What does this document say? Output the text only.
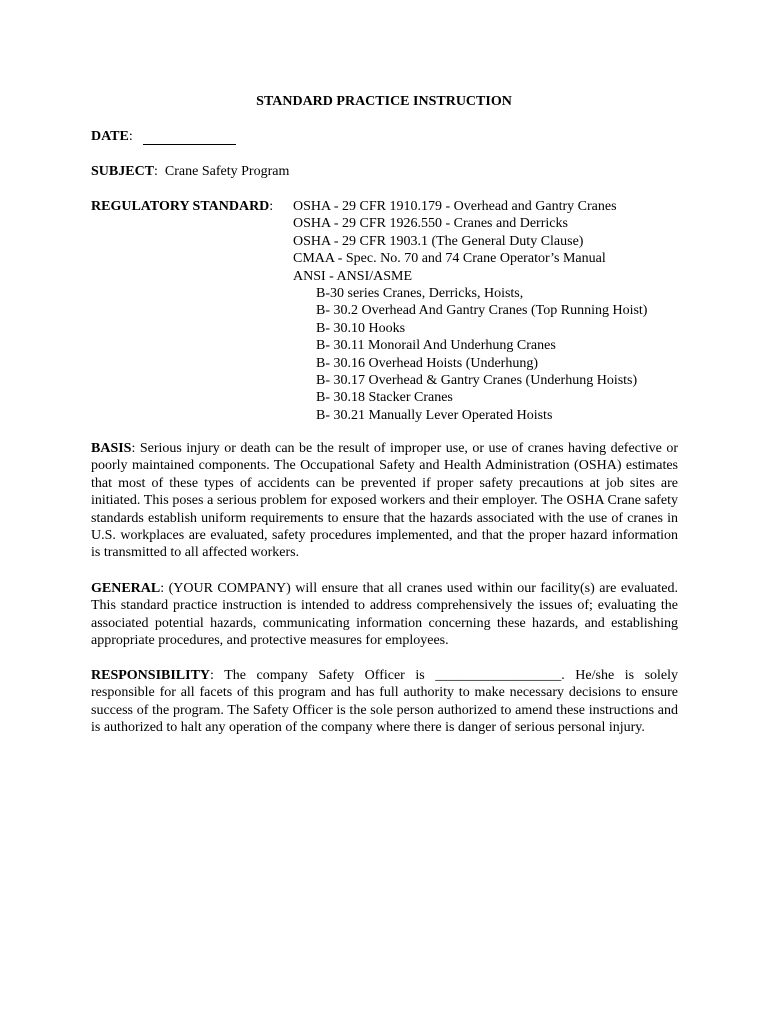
STANDARD PRACTICE INSTRUCTION
DATE:
SUBJECT: Crane Safety Program
REGULATORY STANDARD: OSHA - 29 CFR 1910.179 - Overhead and Gantry Cranes
OSHA - 29 CFR 1926.550 - Cranes and Derricks
OSHA - 29 CFR 1903.1 (The General Duty Clause)
CMAA - Spec. No. 70 and 74 Crane Operator’s Manual
ANSI - ANSI/ASME
B-30 series Cranes, Derricks, Hoists,
B- 30.2 Overhead And Gantry Cranes (Top Running Hoist)
B- 30.10 Hooks
B- 30.11 Monorail And Underhung Cranes
B- 30.16 Overhead Hoists (Underhung)
B- 30.17 Overhead & Gantry Cranes (Underhung Hoists)
B- 30.18 Stacker Cranes
B- 30.21 Manually Lever Operated Hoists

BASIS: Serious injury or death can be the result of improper use, or use of cranes having defective or poorly maintained components. The Occupational Safety and Health Administration (OSHA) estimates that most of these types of accidents can be prevented if proper safety precautions at job sites are initiated. This poses a serious problem for exposed workers and their employer. The OSHA Crane safety standards establish uniform requirements to ensure that the hazards associated with the use of cranes in U.S. workplaces are evaluated, safety procedures implemented, and that the proper hazard information is transmitted to all affected workers.

GENERAL: (YOUR COMPANY) will ensure that all cranes used within our facility(s) are evaluated. This standard practice instruction is intended to address comprehensively the issues of; evaluating the associated potential hazards, communicating information concerning these hazards, and establishing appropriate procedures, and protective measures for employees.

RESPONSIBILITY: The company Safety Officer is __________________. He/she is solely responsible for all facets of this program and has full authority to make necessary decisions to ensure success of the program. The Safety Officer is the sole person authorized to amend these instructions and is authorized to halt any operation of the company where there is danger of serious personal injury.
